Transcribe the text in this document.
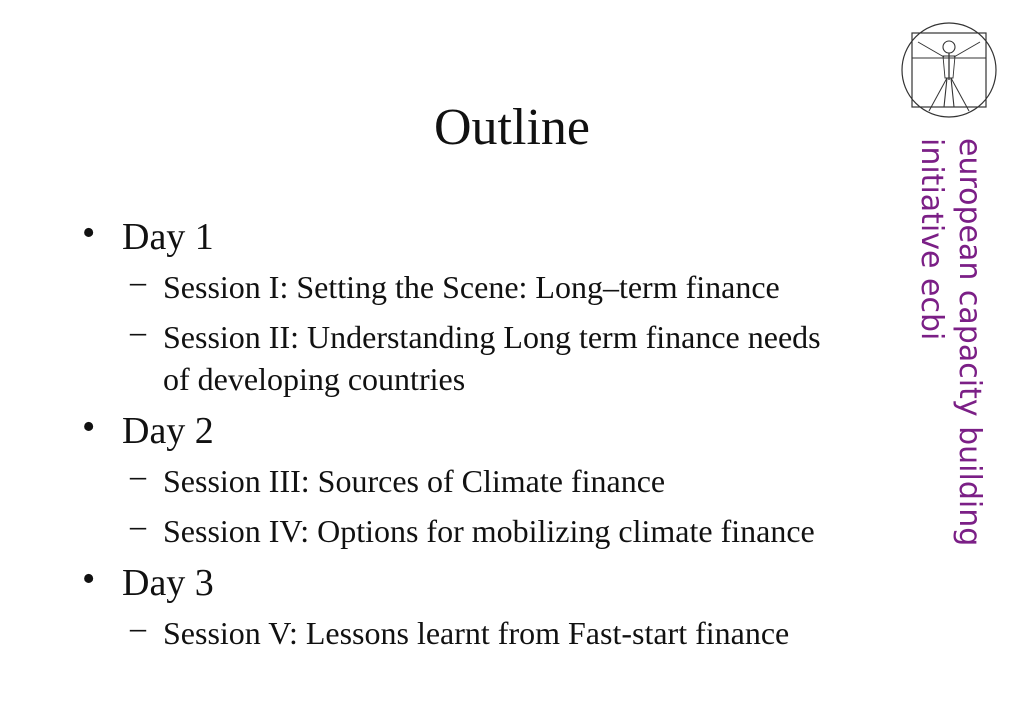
Outline
• Day 1
– Session I: Setting the Scene: Long–term finance
– Session II: Understanding Long term finance needs
of developing countries
• Day 2
– Session III: Sources of Climate finance
– Session IV: Options for mobilizing climate finance
• Day 3
– Session V: Lessons learnt from Fast-start finance
european capacity building
initiative ecbi
